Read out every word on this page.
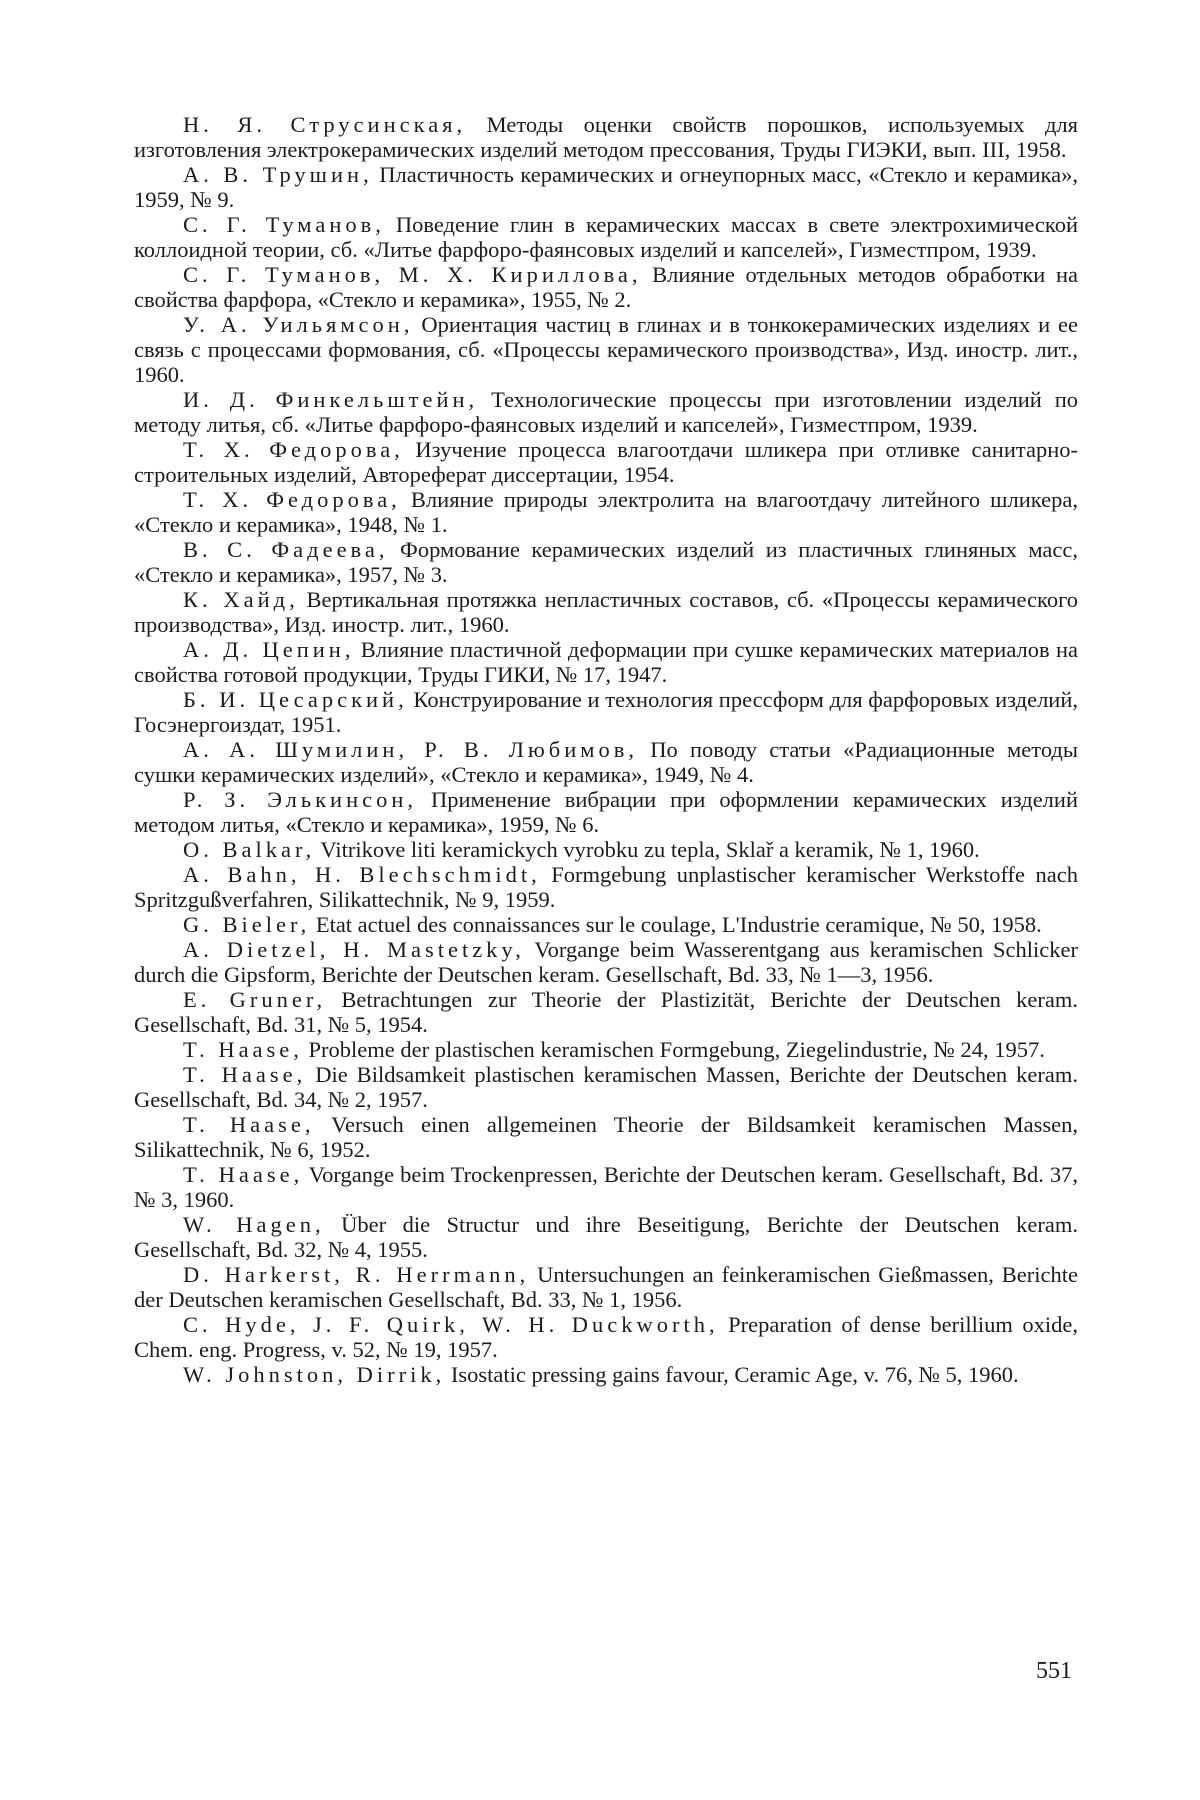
Н. Я. Струсинская, Методы оценки свойств порошков, используемых для изготовления электрокерамических изделий методом прессования, Труды ГИЭКИ, вып. III, 1958.

А. В. Трушин, Пластичность керамических и огнеупорных масс, «Стекло и керамика», 1959, № 9.

С. Г. Туманов, Поведение глин в керамических массах в свете электрохимической коллоидной теории, сб. «Литье фарфоро-фаянсовых изделий и капселей», Гизместпром, 1939.

С. Г. Туманов, М. Х. Кириллова, Влияние отдельных методов обработки на свойства фарфора, «Стекло и керамика», 1955, № 2.

У. А. Уильямсон, Ориентация частиц в глинах и в тонкокерамических изделиях и ее связь с процессами формования, сб. «Процессы керамического производства», Изд. иностр. лит., 1960.

И. Д. Финкельштейн, Технологические процессы при изготовлении изделий по методу литья, сб. «Литье фарфоро-фаянсовых изделий и капселей», Гизместпром, 1939.

Т. Х. Федорова, Изучение процесса влагоотдачи шликера при отливке санитарно-строительных изделий, Автореферат диссертации, 1954.

Т. Х. Федорова, Влияние природы электролита на влагоотдачу литейного шликера, «Стекло и керамика», 1948, № 1.

В. С. Фадеева, Формование керамических изделий из пластичных глиняных масс, «Стекло и керамика», 1957, № 3.

К. Хайд, Вертикальная протяжка непластичных составов, сб. «Процессы керамического производства», Изд. иностр. лит., 1960.

А. Д. Цепин, Влияние пластичной деформации при сушке керамических материалов на свойства готовой продукции, Труды ГИКИ, № 17, 1947.

Б. И. Цесарский, Конструирование и технология прессформ для фарфоровых изделий, Госэнергоиздат, 1951.

А. А. Шумилин, Р. В. Любимов, По поводу статьи «Радиационные методы сушки керамических изделий», «Стекло и керамика», 1949, № 4.

Р. З. Элькинсон, Применение вибрации при оформлении керамических изделий методом литья, «Стекло и керамика», 1959, № 6.

O. Balkar, Vitrikove liti keramickych vyrobku zu tepla, Sklař a keramik, № 1, 1960.

A. Bahn, H. Blechschmidt, Formgebung unplastischer keramischer Werkstoffe nach Spritzgußverfahren, Silikattechnik, № 9, 1959.

G. Bieler, Etat actuel des connaissances sur le coulage, L'Industrie ceramique, № 50, 1958.

A. Dietzel, H. Mastetzky, Vorgange beim Wasserentgang aus keramischen Schlicker durch die Gipsform, Berichte der Deutschen keram. Gesellschaft, Bd. 33, № 1—3, 1956.

E. Gruner, Betrachtungen zur Theorie der Plastizität, Berichte der Deutschen keram. Gesellschaft, Bd. 31, № 5, 1954.

T. Haase, Probleme der plastischen keramischen Formgebung, Ziegelindustrie, № 24, 1957.

T. Haase, Die Bildsamkeit plastischen keramischen Massen, Berichte der Deutschen keram. Gesellschaft, Bd. 34, № 2, 1957.

T. Haase, Versuch einen allgemeinen Theorie der Bildsamkeit keramischen Massen, Silikattechnik, № 6, 1952.

T. Haase, Vorgange beim Trockenpressen, Berichte der Deutschen keram. Gesellschaft, Bd. 37, № 3, 1960.

W. Hagen, Über die Structur und ihre Beseitigung, Berichte der Deutschen keram. Gesellschaft, Bd. 32, № 4, 1955.

D. Harkerst, R. Herrmann, Untersuchungen an feinkeramischen Gießmassen, Berichte der Deutschen keramischen Gesellschaft, Bd. 33, № 1, 1956.

C. Hyde, J. F. Quirk, W. H. Duckworth, Preparation of dense berillium oxide, Chem. eng. Progress, v. 52, № 19, 1957.

W. Johnston, Dirrik, Isostatic pressing gains favour, Ceramic Age, v. 76, № 5, 1960.

551
